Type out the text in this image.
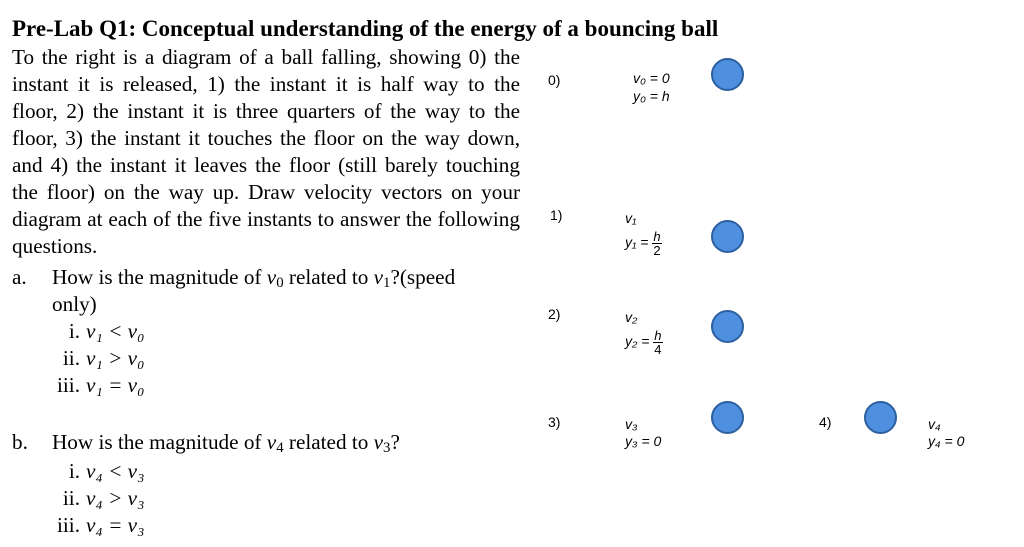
Pre-Lab Q1: Conceptual understanding of the energy of a bouncing ball
To the right is a diagram of a ball falling, showing 0) the instant it is released, 1) the instant it is half way to the floor, 2) the instant it is three quarters of the way to the floor, 3) the instant it touches the floor on the way down, and 4) the instant it leaves the floor (still barely touching the floor) on the way up. Draw velocity vectors on your diagram at each of the five instants to answer the following questions.
a. How is the magnitude of $v_0$ related to $v_1?(speed$
only)
i. v₁ < v₀
ii. v₁ > v₀
iii. v₁ = v₀
b. How is the magnitude of $v_4$ related to $v_3$?
i. v₄ < v₃
ii. v₄ > v₃
iii. v₄ = v₃
0)	v₀ = 0
y₀ = h
1)	v₁
$y_1 = \frac{h}{2}$
2)	v₂
$y_2 = \frac{h}{4}$
3)	v₃
y₃ = 0
4)	v₄
y₄ = 0
